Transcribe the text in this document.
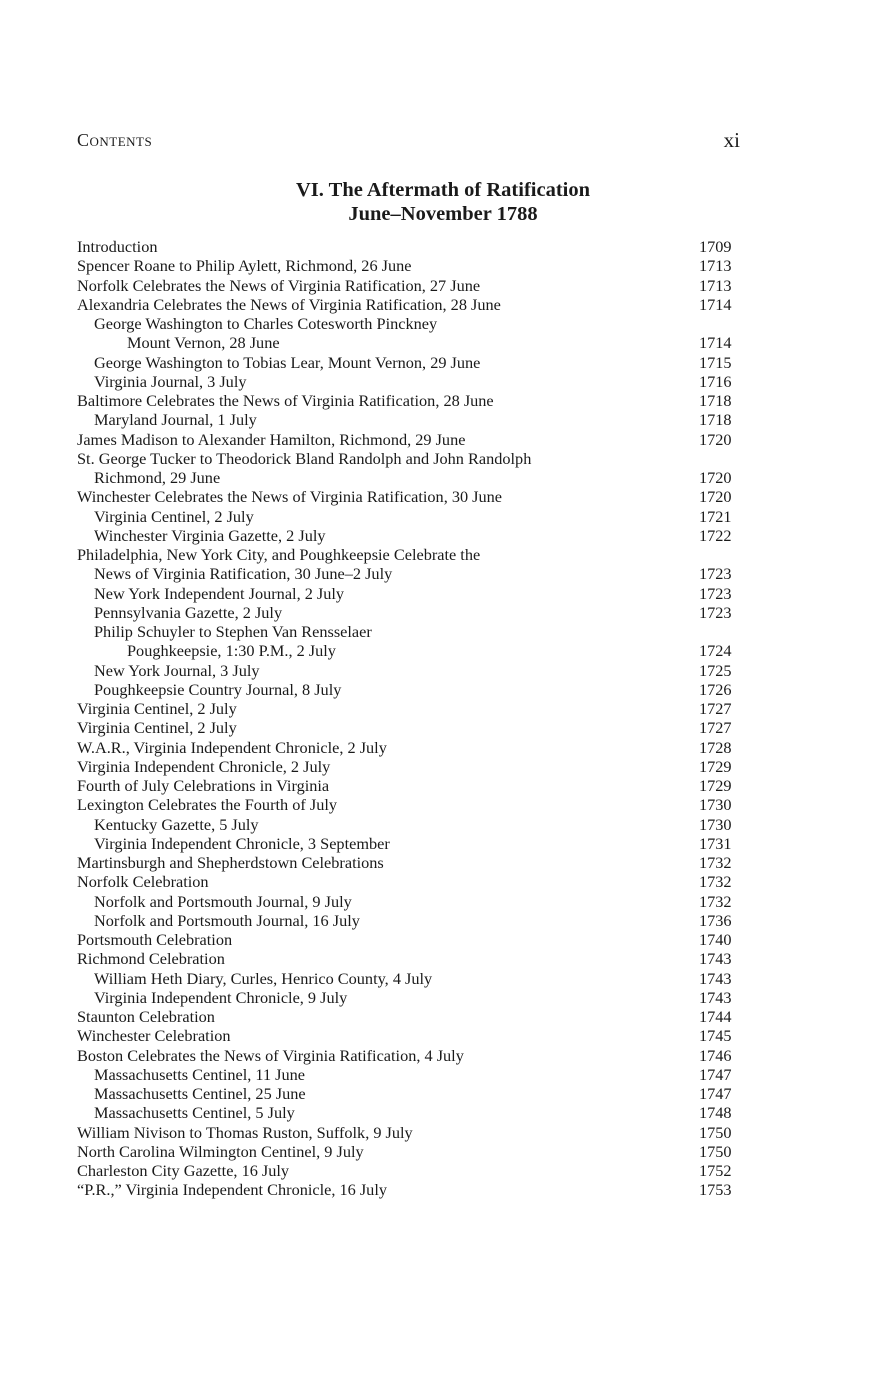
Contents	xi
VI. The Aftermath of Ratification
June–November 1788
Introduction	1709
Spencer Roane to Philip Aylett, Richmond, 26 June	1713
Norfolk Celebrates the News of Virginia Ratification, 27 June	1713
Alexandria Celebrates the News of Virginia Ratification, 28 June	1714
George Washington to Charles Cotesworth Pinckney
Mount Vernon, 28 June	1714
George Washington to Tobias Lear, Mount Vernon, 29 June	1715
Virginia Journal, 3 July	1716
Baltimore Celebrates the News of Virginia Ratification, 28 June	1718
Maryland Journal, 1 July	1718
James Madison to Alexander Hamilton, Richmond, 29 June	1720
St. George Tucker to Theodorick Bland Randolph and John Randolph
Richmond, 29 June	1720
Winchester Celebrates the News of Virginia Ratification, 30 June	1720
Virginia Centinel, 2 July	1721
Winchester Virginia Gazette, 2 July	1722
Philadelphia, New York City, and Poughkeepsie Celebrate the
News of Virginia Ratification, 30 June–2 July	1723
New York Independent Journal, 2 July	1723
Pennsylvania Gazette, 2 July	1723
Philip Schuyler to Stephen Van Rensselaer
Poughkeepsie, 1:30 P.M., 2 July	1724
New York Journal, 3 July	1725
Poughkeepsie Country Journal, 8 July	1726
Virginia Centinel, 2 July	1727
Virginia Centinel, 2 July	1727
W.A.R., Virginia Independent Chronicle, 2 July	1728
Virginia Independent Chronicle, 2 July	1729
Fourth of July Celebrations in Virginia	1729
Lexington Celebrates the Fourth of July	1730
Kentucky Gazette, 5 July	1730
Virginia Independent Chronicle, 3 September	1731
Martinsburgh and Shepherdstown Celebrations	1732
Norfolk Celebration	1732
Norfolk and Portsmouth Journal, 9 July	1732
Norfolk and Portsmouth Journal, 16 July	1736
Portsmouth Celebration	1740
Richmond Celebration	1743
William Heth Diary, Curles, Henrico County, 4 July	1743
Virginia Independent Chronicle, 9 July	1743
Staunton Celebration	1744
Winchester Celebration	1745
Boston Celebrates the News of Virginia Ratification, 4 July	1746
Massachusetts Centinel, 11 June	1747
Massachusetts Centinel, 25 June	1747
Massachusetts Centinel, 5 July	1748
William Nivison to Thomas Ruston, Suffolk, 9 July	1750
North Carolina Wilmington Centinel, 9 July	1750
Charleston City Gazette, 16 July	1752
“P.R.,” Virginia Independent Chronicle, 16 July	1753
